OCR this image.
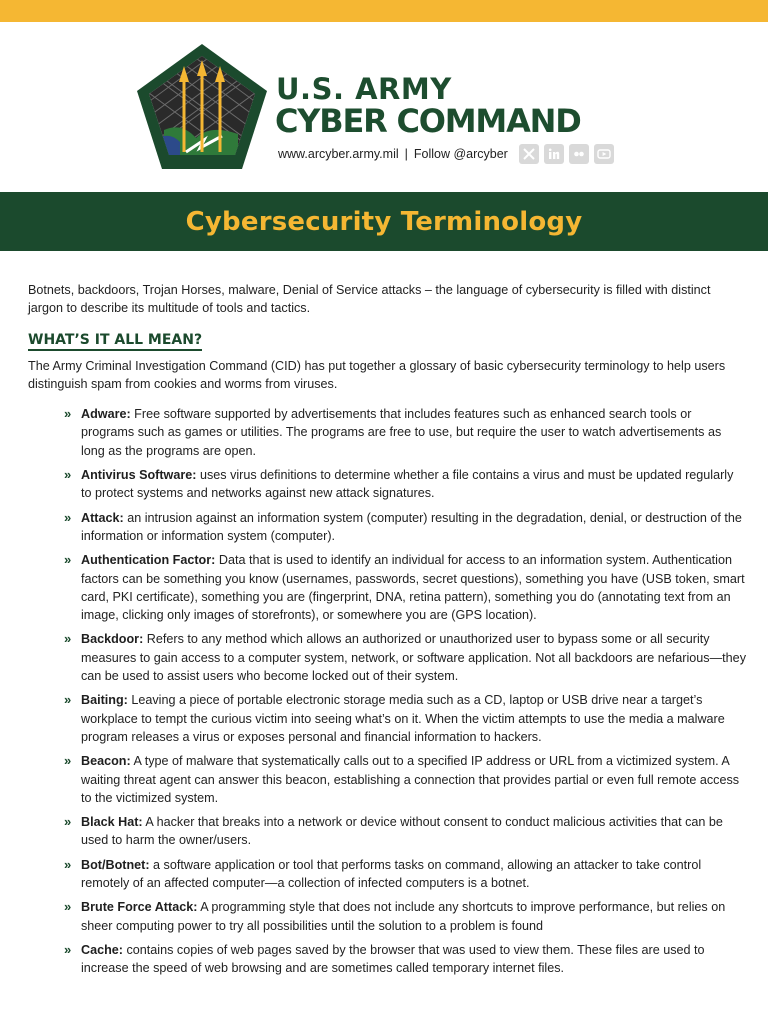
U.S. ARMY
CYBER COMMAND
www.arcyber.army.mil | Follow @arcyber
Cybersecurity Terminology

Botnets, backdoors, Trojan Horses, malware, Denial of Service attacks – the language of cybersecurity is filled with distinct jargon to describe its multitude of tools and tactics.

WHAT’S IT ALL MEAN?

The Army Criminal Investigation Command (CID) has put together a glossary of basic cybersecurity terminology to help users distinguish spam from cookies and worms from viruses.

» Adware: Free software supported by advertisements that includes features such as enhanced search tools or programs such as games or utilities. The programs are free to use, but require the user to watch advertisements as long as the programs are open.
» Antivirus Software: uses virus definitions to determine whether a file contains a virus and must be updated regularly to protect systems and networks against new attack signatures.
» Attack: an intrusion against an information system (computer) resulting in the degradation, denial, or destruction of the information or information system (computer).
» Authentication Factor: Data that is used to identify an individual for access to an information system. Authentication factors can be something you know (usernames, passwords, secret questions), something you have (USB token, smart card, PKI certificate), something you are (fingerprint, DNA, retina pattern), something you do (annotating text from an image, clicking only images of storefronts), or somewhere you are (GPS location).
» Backdoor: Refers to any method which allows an authorized or unauthorized user to bypass some or all security measures to gain access to a computer system, network, or software application. Not all backdoors are nefarious—they can be used to assist users who become locked out of their system.
» Baiting: Leaving a piece of portable electronic storage media such as a CD, laptop or USB drive near a target’s workplace to tempt the curious victim into seeing what’s on it. When the victim attempts to use the media a malware program releases a virus or exposes personal and financial information to hackers.
» Beacon: A type of malware that systematically calls out to a specified IP address or URL from a victimized system. A waiting threat agent can answer this beacon, establishing a connection that provides partial or even full remote access to the victimized system.
» Black Hat: A hacker that breaks into a network or device without consent to conduct malicious activities that can be used to harm the owner/users.
» Bot/Botnet: a software application or tool that performs tasks on command, allowing an attacker to take control remotely of an affected computer—a collection of infected computers is a botnet.
» Brute Force Attack: A programming style that does not include any shortcuts to improve performance, but relies on sheer computing power to try all possibilities until the solution to a problem is found
» Cache: contains copies of web pages saved by the browser that was used to view them. These files are used to increase the speed of web browsing and are sometimes called temporary internet files.
